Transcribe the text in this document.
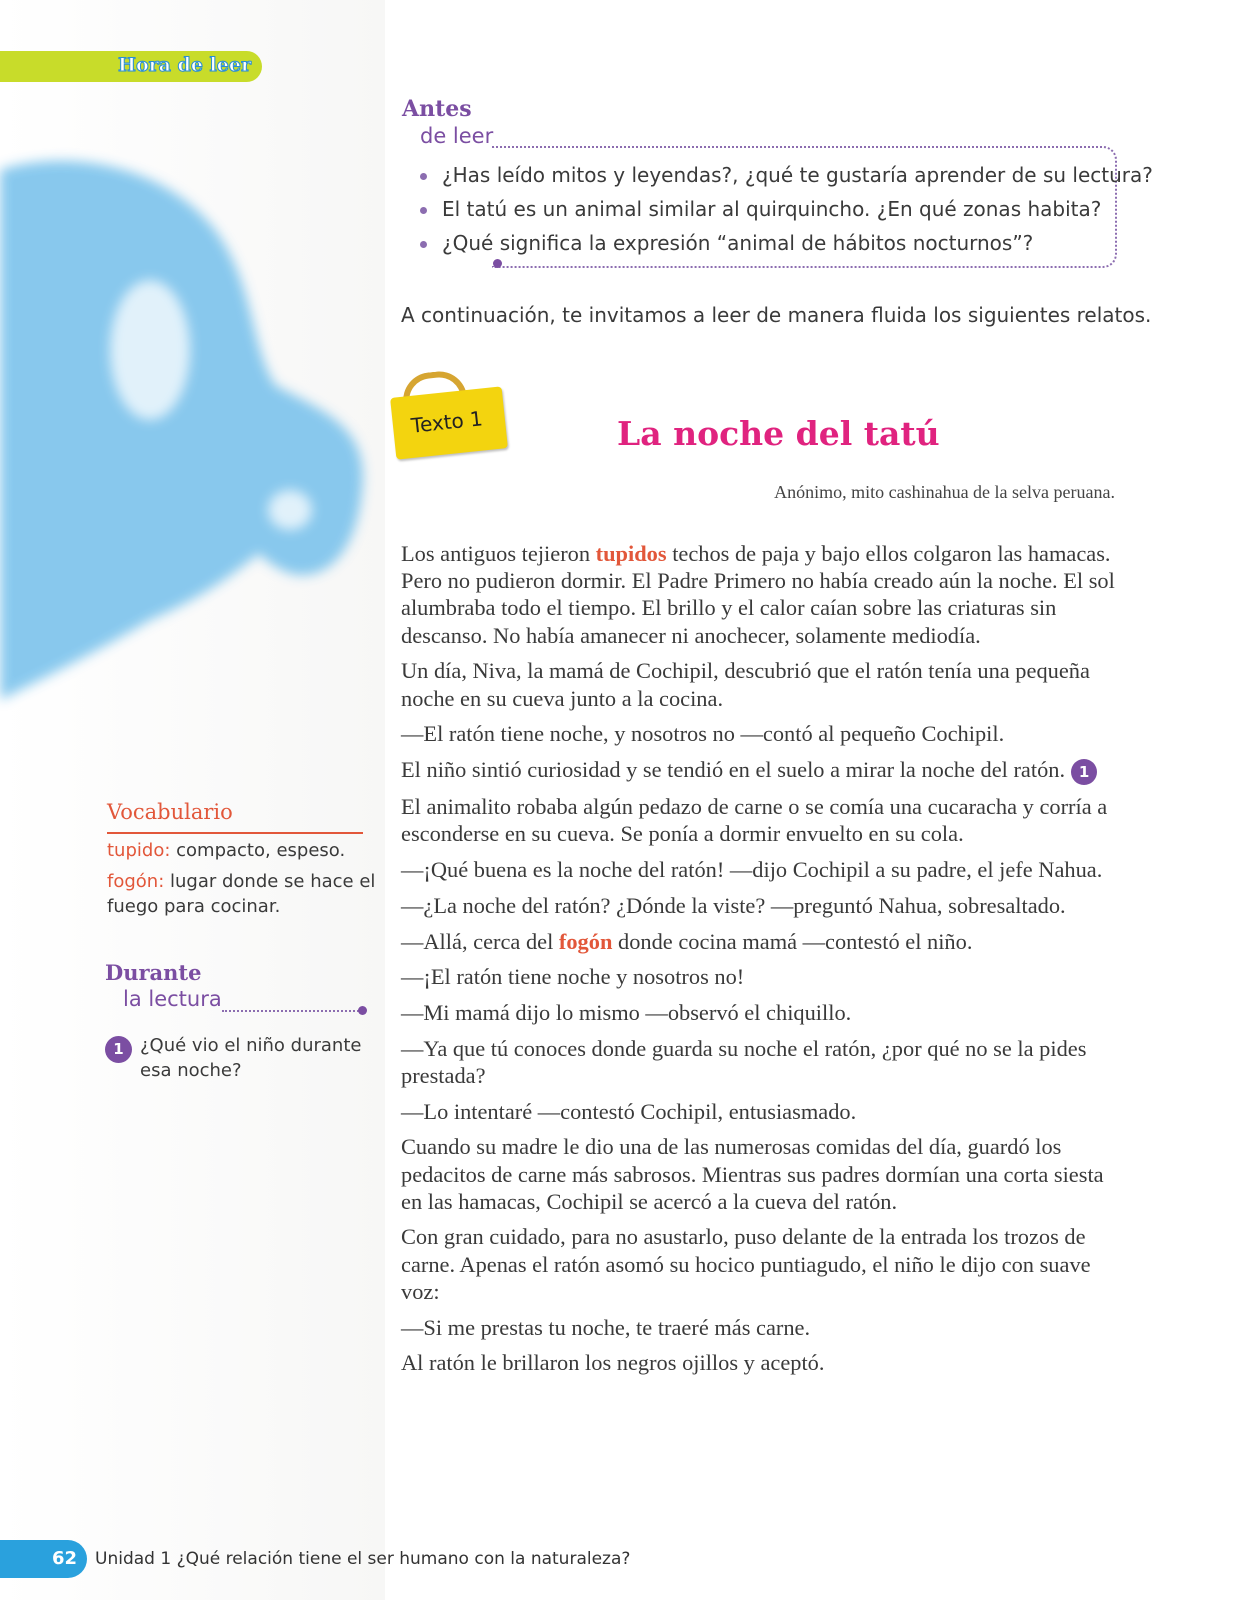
Hora de leer
Antes
de leer
¿Has leído mitos y leyendas?, ¿qué te gustaría aprender de su lectura?
El tatú es un animal similar al quirquincho. ¿En qué zonas habita?
¿Qué significa la expresión “animal de hábitos nocturnos”?
A continuación, te invitamos a leer de manera fluida los siguientes relatos.
Texto 1	La noche del tatú
Anónimo, mito cashinahua de la selva peruana.

Los antiguos tejieron tupidos techos de paja y bajo ellos colgaron las hamacas. Pero no pudieron dormir. El Padre Primero no había creado aún la noche. El sol alumbraba todo el tiempo. El brillo y el calor caían sobre las criaturas sin descanso. No había amanecer ni anochecer, solamente mediodía.

Un día, Niva, la mamá de Cochipil, descubrió que el ratón tenía una pequeña noche en su cueva junto a la cocina.

—El ratón tiene noche, y nosotros no —contó al pequeño Cochipil.

El niño sintió curiosidad y se tendió en el suelo a mirar la noche del ratón. 1

El animalito robaba algún pedazo de carne o se comía una cucaracha y corría a esconderse en su cueva. Se ponía a dormir envuelto en su cola.

—¡Qué buena es la noche del ratón! —dijo Cochipil a su padre, el jefe Nahua.

—¿La noche del ratón? ¿Dónde la viste? —preguntó Nahua, sobresaltado.

—Allá, cerca del fogón donde cocina mamá —contestó el niño.

—¡El ratón tiene noche y nosotros no!

—Mi mamá dijo lo mismo —observó el chiquillo.

—Ya que tú conoces donde guarda su noche el ratón, ¿por qué no se la pides prestada?

—Lo intentaré —contestó Cochipil, entusiasmado.

Cuando su madre le dio una de las numerosas comidas del día, guardó los pedacitos de carne más sabrosos. Mientras sus padres dormían una corta siesta en las hamacas, Cochipil se acercó a la cueva del ratón.

Con gran cuidado, para no asustarlo, puso delante de la entrada los trozos de carne. Apenas el ratón asomó su hocico puntiagudo, el niño le dijo con suave voz:

—Si me prestas tu noche, te traeré más carne.

Al ratón le brillaron los negros ojillos y aceptó.

Vocabulario
tupido: compacto, espeso.
fogón: lugar donde se hace el fuego para cocinar.
Durante
la lectura
1 ¿Qué vio el niño durante esa noche?
62 Unidad 1 ¿Qué relación tiene el ser humano con la naturaleza?
